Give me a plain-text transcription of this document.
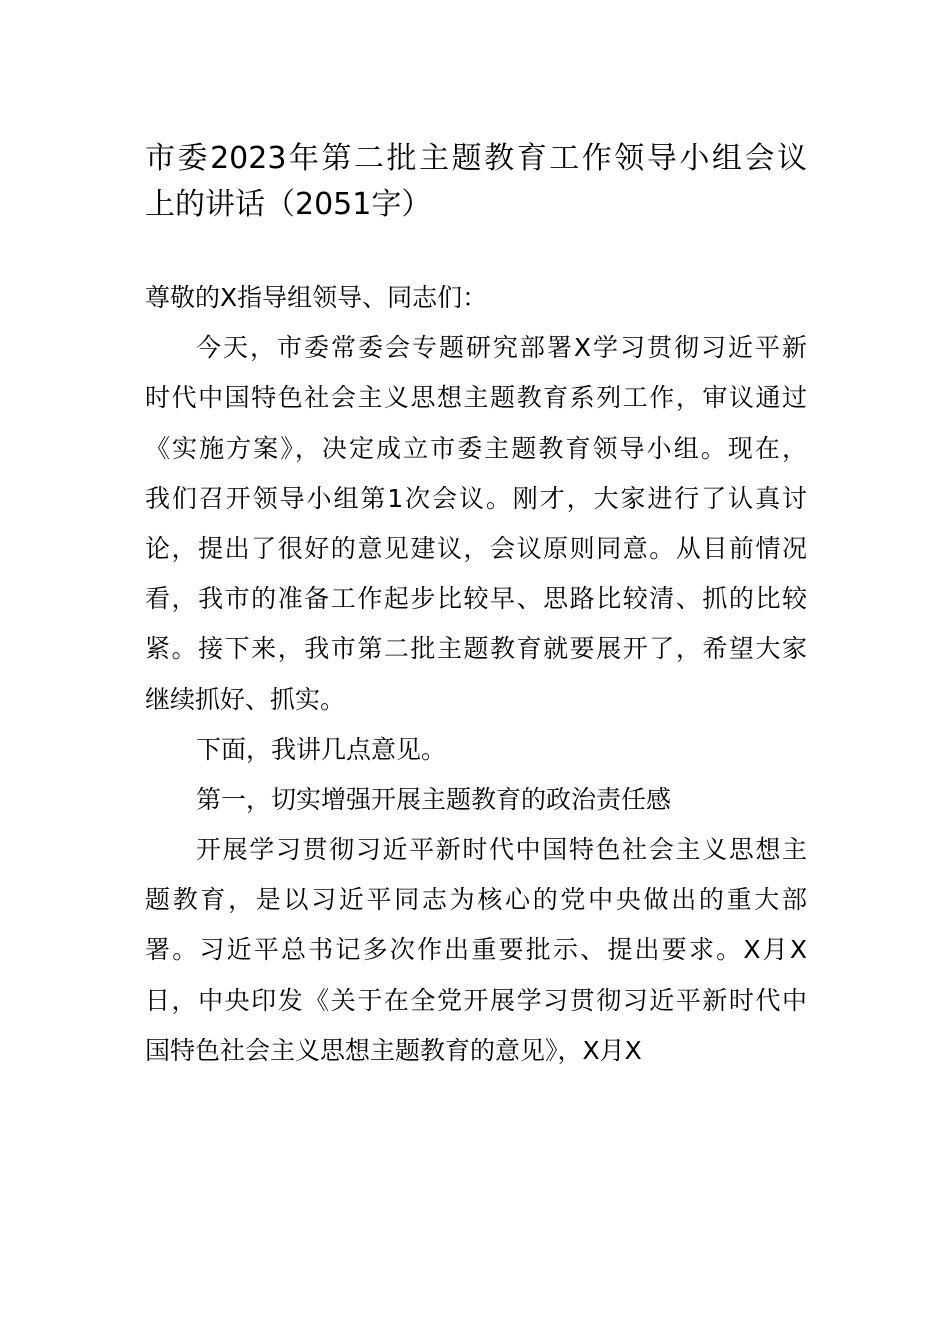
市委2023年第二批主题教育工作领导小组会议
上的讲话（2051字）
尊敬的X指导组领导、同志们：
今天，市委常委会专题研究部署X学习贯彻习近平新
时代中国特色社会主义思想主题教育系列工作，审议通过
《实施方案》，决定成立市委主题教育领导小组。现在，
我们召开领导小组第1次会议。刚才，大家进行了认真讨
论，提出了很好的意见建议，会议原则同意。从目前情况
看，我市的准备工作起步比较早、思路比较清、抓的比较
紧。接下来，我市第二批主题教育就要展开了，希望大家
继续抓好、抓实。
下面，我讲几点意见。
第一，切实增强开展主题教育的政治责任感
开展学习贯彻习近平新时代中国特色社会主义思想主
题教育，是以习近平同志为核心的党中央做出的重大部
署。习近平总书记多次作出重要批示、提出要求。X月X
日，中央印发《关于在全党开展学习贯彻习近平新时代中
国特色社会主义思想主题教育的意见》，X月X
